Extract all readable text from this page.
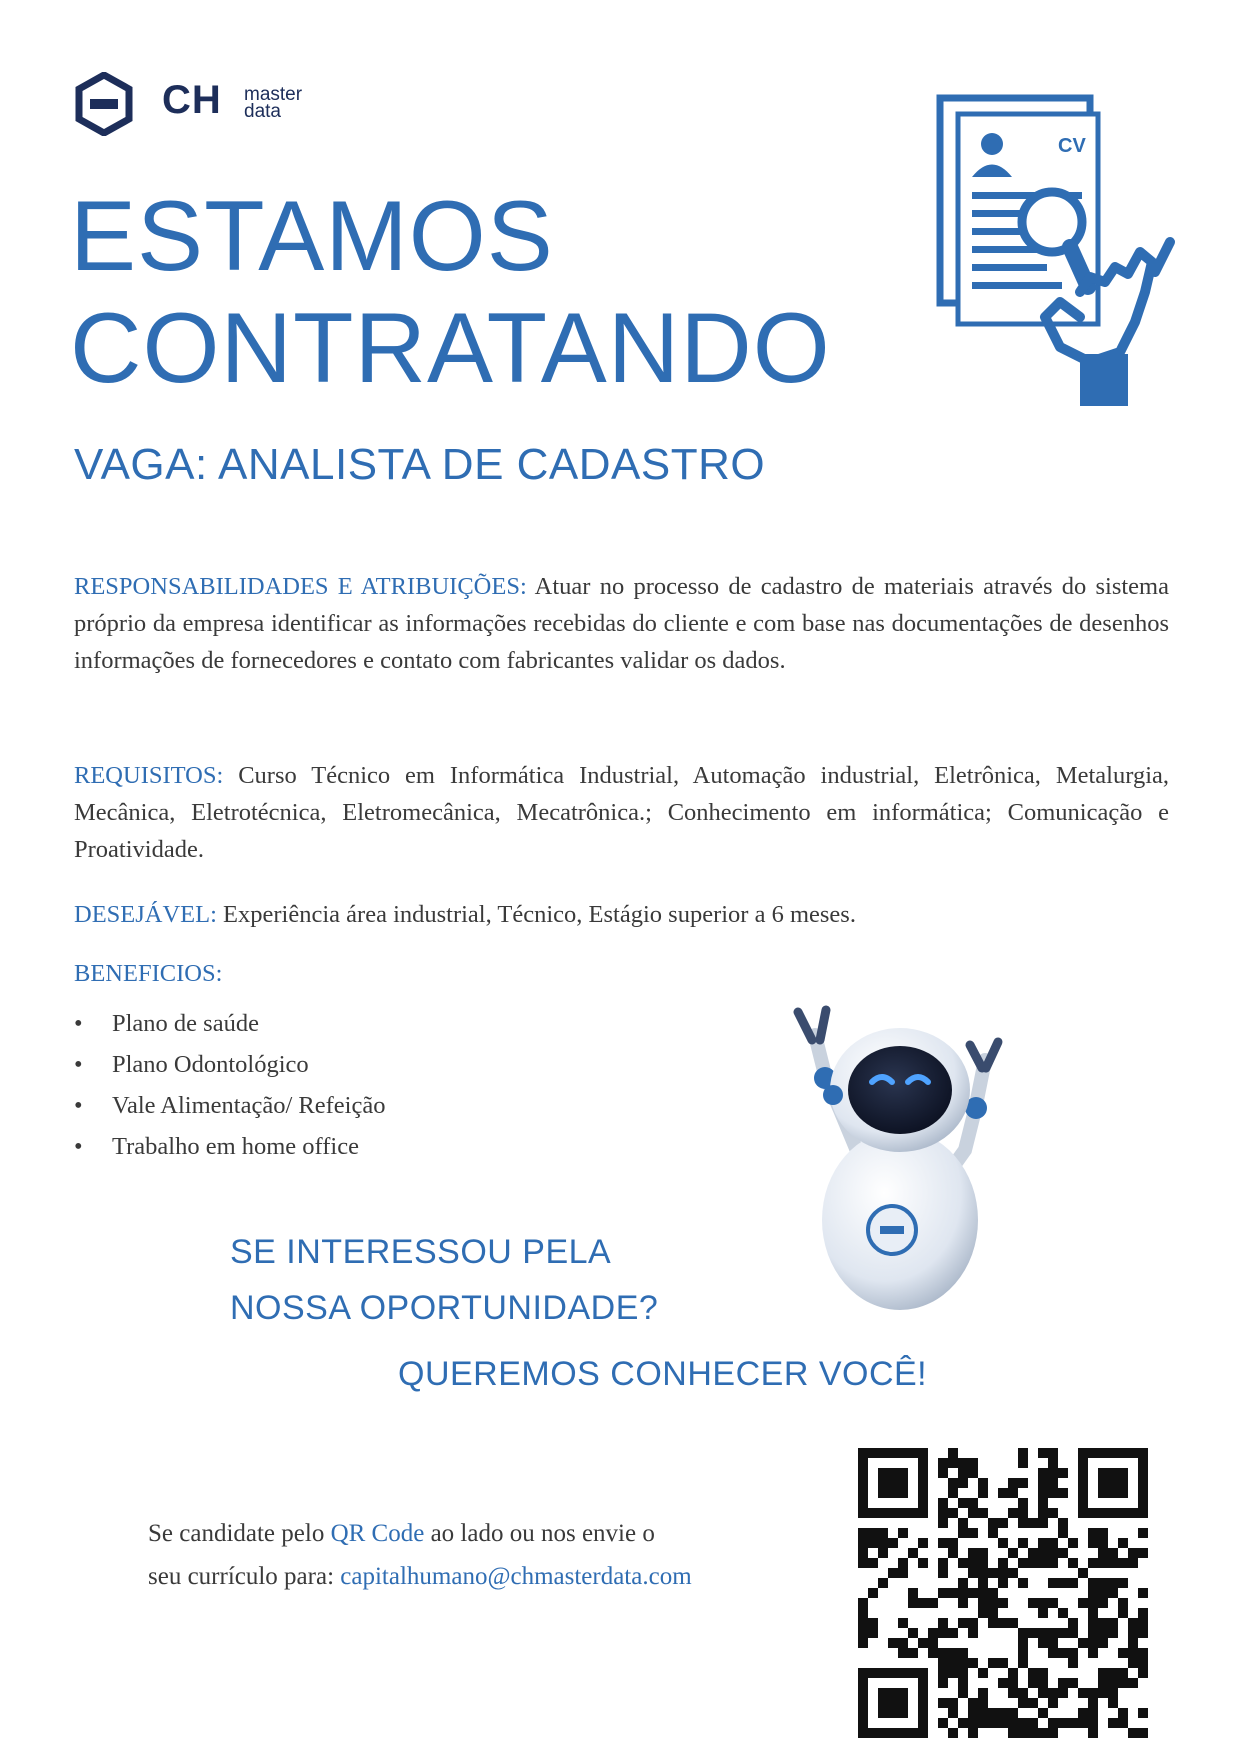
CH master
data
ESTAMOS
CONTRATANDO
VAGA: ANALISTA DE CADASTRO
CV
RESPONSABILIDADES E ATRIBUIÇÕES: Atuar no processo de cadastro de materiais através do sistema próprio da empresa identificar as informações recebidas do cliente e com base nas documentações de desenhos informações de fornecedores e contato com fabricantes validar os dados.
REQUISITOS: Curso Técnico em Informática Industrial, Automação industrial, Eletrônica, Metalurgia, Mecânica, Eletrotécnica, Eletromecânica, Mecatrônica.; Conhecimento em informática; Comunicação e Proatividade.
DESEJÁVEL: Experiência área industrial, Técnico, Estágio superior a 6 meses.
BENEFICIOS:
• Plano de saúde
• Plano Odontológico
• Vale Alimentação/ Refeição
• Trabalho em home office
SE INTERESSOU PELA
NOSSA OPORTUNIDADE?
QUEREMOS CONHECER VOCÊ!
Se candidate pelo QR Code ao lado ou nos envie o
seu currículo para: capitalhumano@chmasterdata.com
